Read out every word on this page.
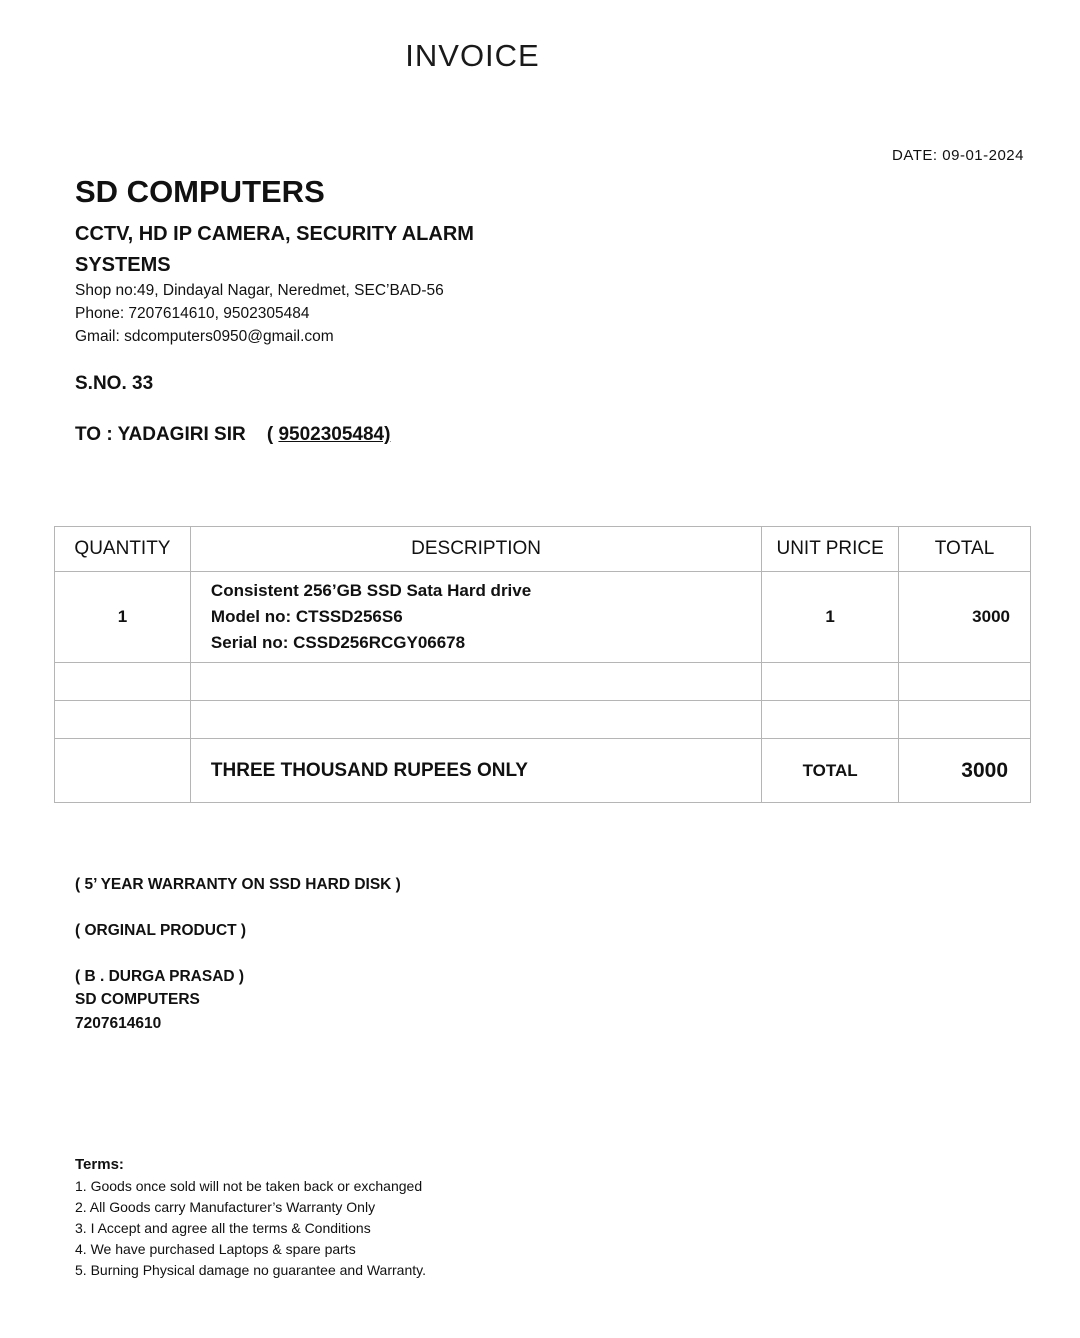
INVOICE
DATE: 09-01-2024
SD COMPUTERS
CCTV, HD IP CAMERA, SECURITY ALARM SYSTEMS
Shop no:49, Dindayal Nagar, Neredmet, SEC’BAD-56
Phone: 7207614610, 9502305484
Gmail: sdcomputers0950@gmail.com
S.NO. 33
TO : YADAGIRI SIR ( 9502305484)
QUANTITY	DESCRIPTION	UNIT PRICE	TOTAL
1	Consistent 256’GB SSD Sata Hard drive
Model no: CTSSD256S6
Serial no: CSSD256RCGY06678	1	3000

	THREE THOUSAND RUPEES ONLY	TOTAL	3000
( 5’ YEAR WARRANTY ON SSD HARD DISK )
( ORGINAL PRODUCT )
( B . DURGA PRASAD )
SD COMPUTERS
7207614610
Terms:
1. Goods once sold will not be taken back or exchanged
2. All Goods carry Manufacturer’s Warranty Only
3. I Accept and agree all the terms & Conditions
4. We have purchased Laptops & spare parts
5. Burning Physical damage no guarantee and Warranty.
